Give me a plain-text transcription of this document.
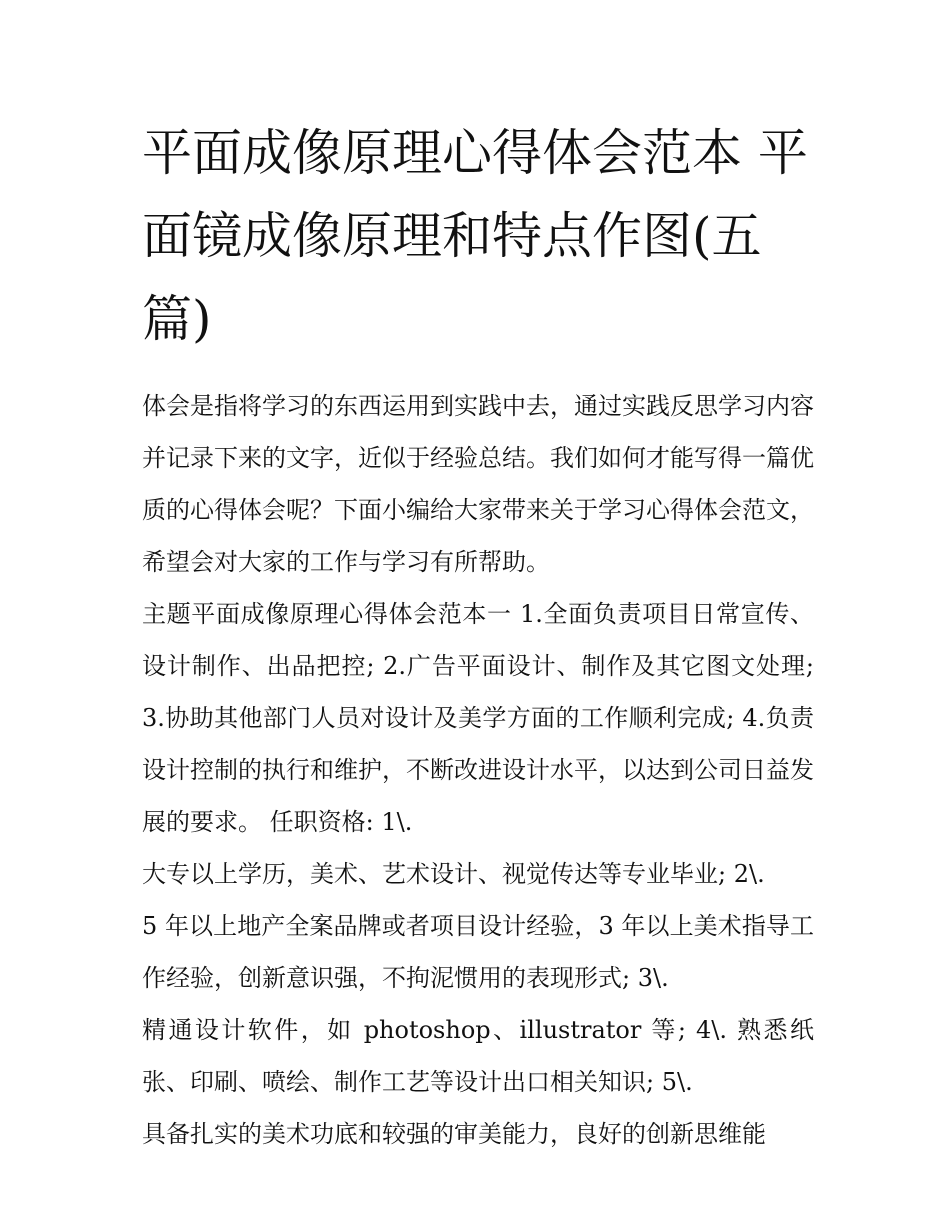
平面成像原理心得体会范本 平面镜成像原理和特点作图(五篇)

体会是指将学习的东西运用到实践中去，通过实践反思学习内容并记录下来的文字，近似于经验总结。我们如何才能写得一篇优质的心得体会呢？下面小编给大家带来关于学习心得体会范文，希望会对大家的工作与学习有所帮助。

主题平面成像原理心得体会范本一 1.全面负责项目日常宣传、设计制作、出品把控; 2.广告平面设计、制作及其它图文处理; 3.协助其他部门人员对设计及美学方面的工作顺利完成; 4.负责设计控制的执行和维护，不断改进设计水平，以达到公司日益发展的要求。 任职资格: 1\.

大专以上学历，美术、艺术设计、视觉传达等专业毕业; 2\.

5 年以上地产全案品牌或者项目设计经验，3 年以上美术指导工作经验，创新意识强，不拘泥惯用的表现形式; 3\.

精通设计软件，如 photoshop、illustrator 等; 4\. 熟悉纸张、印刷、喷绘、制作工艺等设计出口相关知识; 5\.

具备扎实的美术功底和较强的审美能力，良好的创新思维能
